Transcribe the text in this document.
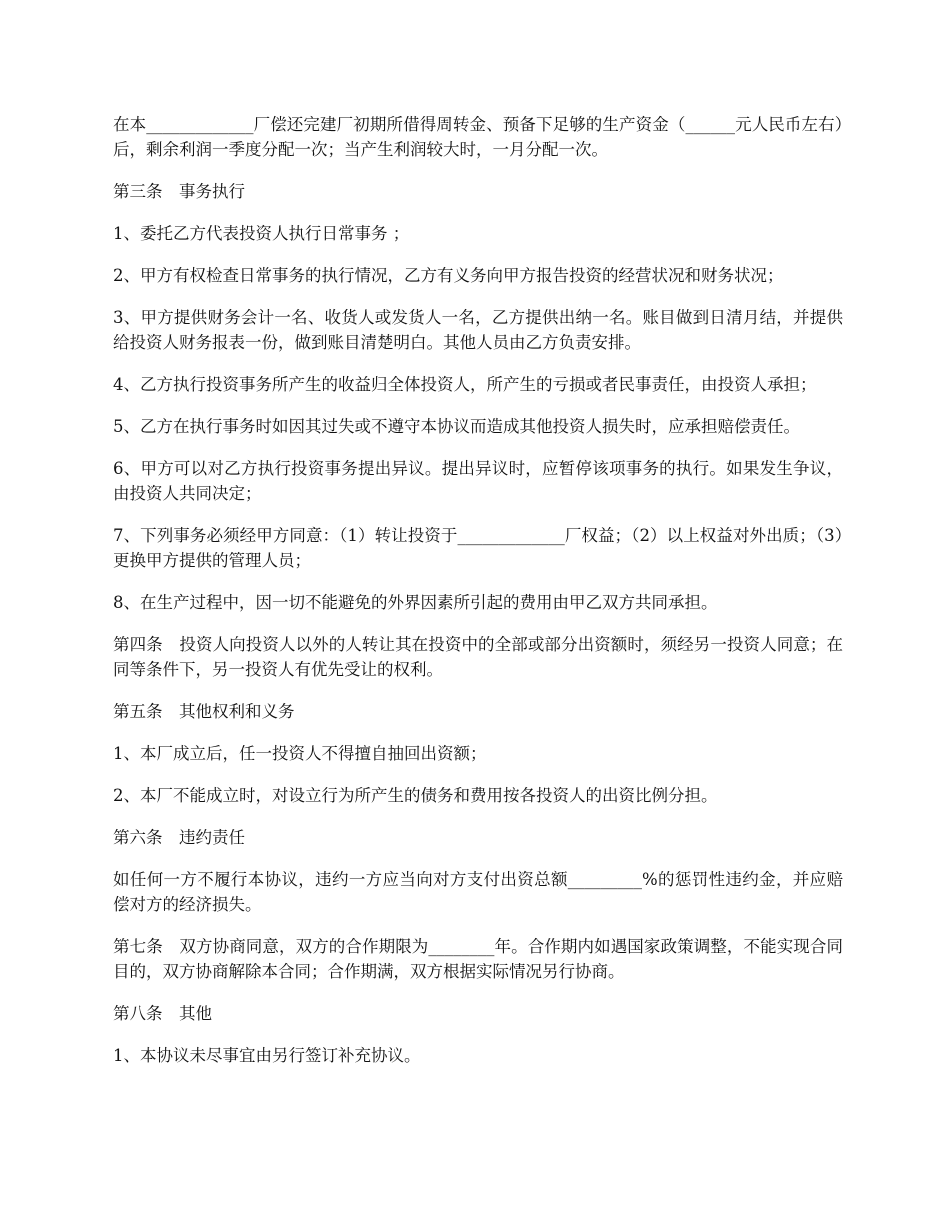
在本_____________厂偿还完建厂初期所借得周转金、预备下足够的生产资金（______元人民币左右）后，剩余利润一季度分配一次；当产生利润较大时，一月分配一次。

第三条　事务执行

1、委托乙方代表投资人执行日常事务 ；

2、甲方有权检查日常事务的执行情况，乙方有义务向甲方报告投资的经营状况和财务状况；

3、甲方提供财务会计一名、收货人或发货人一名，乙方提供出纳一名。账目做到日清月结，并提供给投资人财务报表一份，做到账目清楚明白。其他人员由乙方负责安排。

4、乙方执行投资事务所产生的收益归全体投资人，所产生的亏损或者民事责任，由投资人承担；

5、乙方在执行事务时如因其过失或不遵守本协议而造成其他投资人损失时，应承担赔偿责任。

6、甲方可以对乙方执行投资事务提出异议。提出异议时，应暂停该项事务的执行。如果发生争议，由投资人共同决定；

7、下列事务必须经甲方同意：（1）转让投资于_____________厂权益；（2）以上权益对外出质；（3）更换甲方提供的管理人员；

8、在生产过程中，因一切不能避免的外界因素所引起的费用由甲乙双方共同承担。

第四条　投资人向投资人以外的人转让其在投资中的全部或部分出资额时，须经另一投资人同意；在同等条件下，另一投资人有优先受让的权利。

第五条　其他权利和义务

1、本厂成立后，任一投资人不得擅自抽回出资额；

2、本厂不能成立时，对设立行为所产生的债务和费用按各投资人的出资比例分担。

第六条　违约责任

如任何一方不履行本协议，违约一方应当向对方支付出资总额_________%的惩罚性违约金，并应赔偿对方的经济损失。

第七条　双方协商同意，双方的合作期限为________年。合作期内如遇国家政策调整，不能实现合同目的，双方协商解除本合同；合作期满，双方根据实际情况另行协商。

第八条　其他

1、本协议未尽事宜由另行签订补充协议。
